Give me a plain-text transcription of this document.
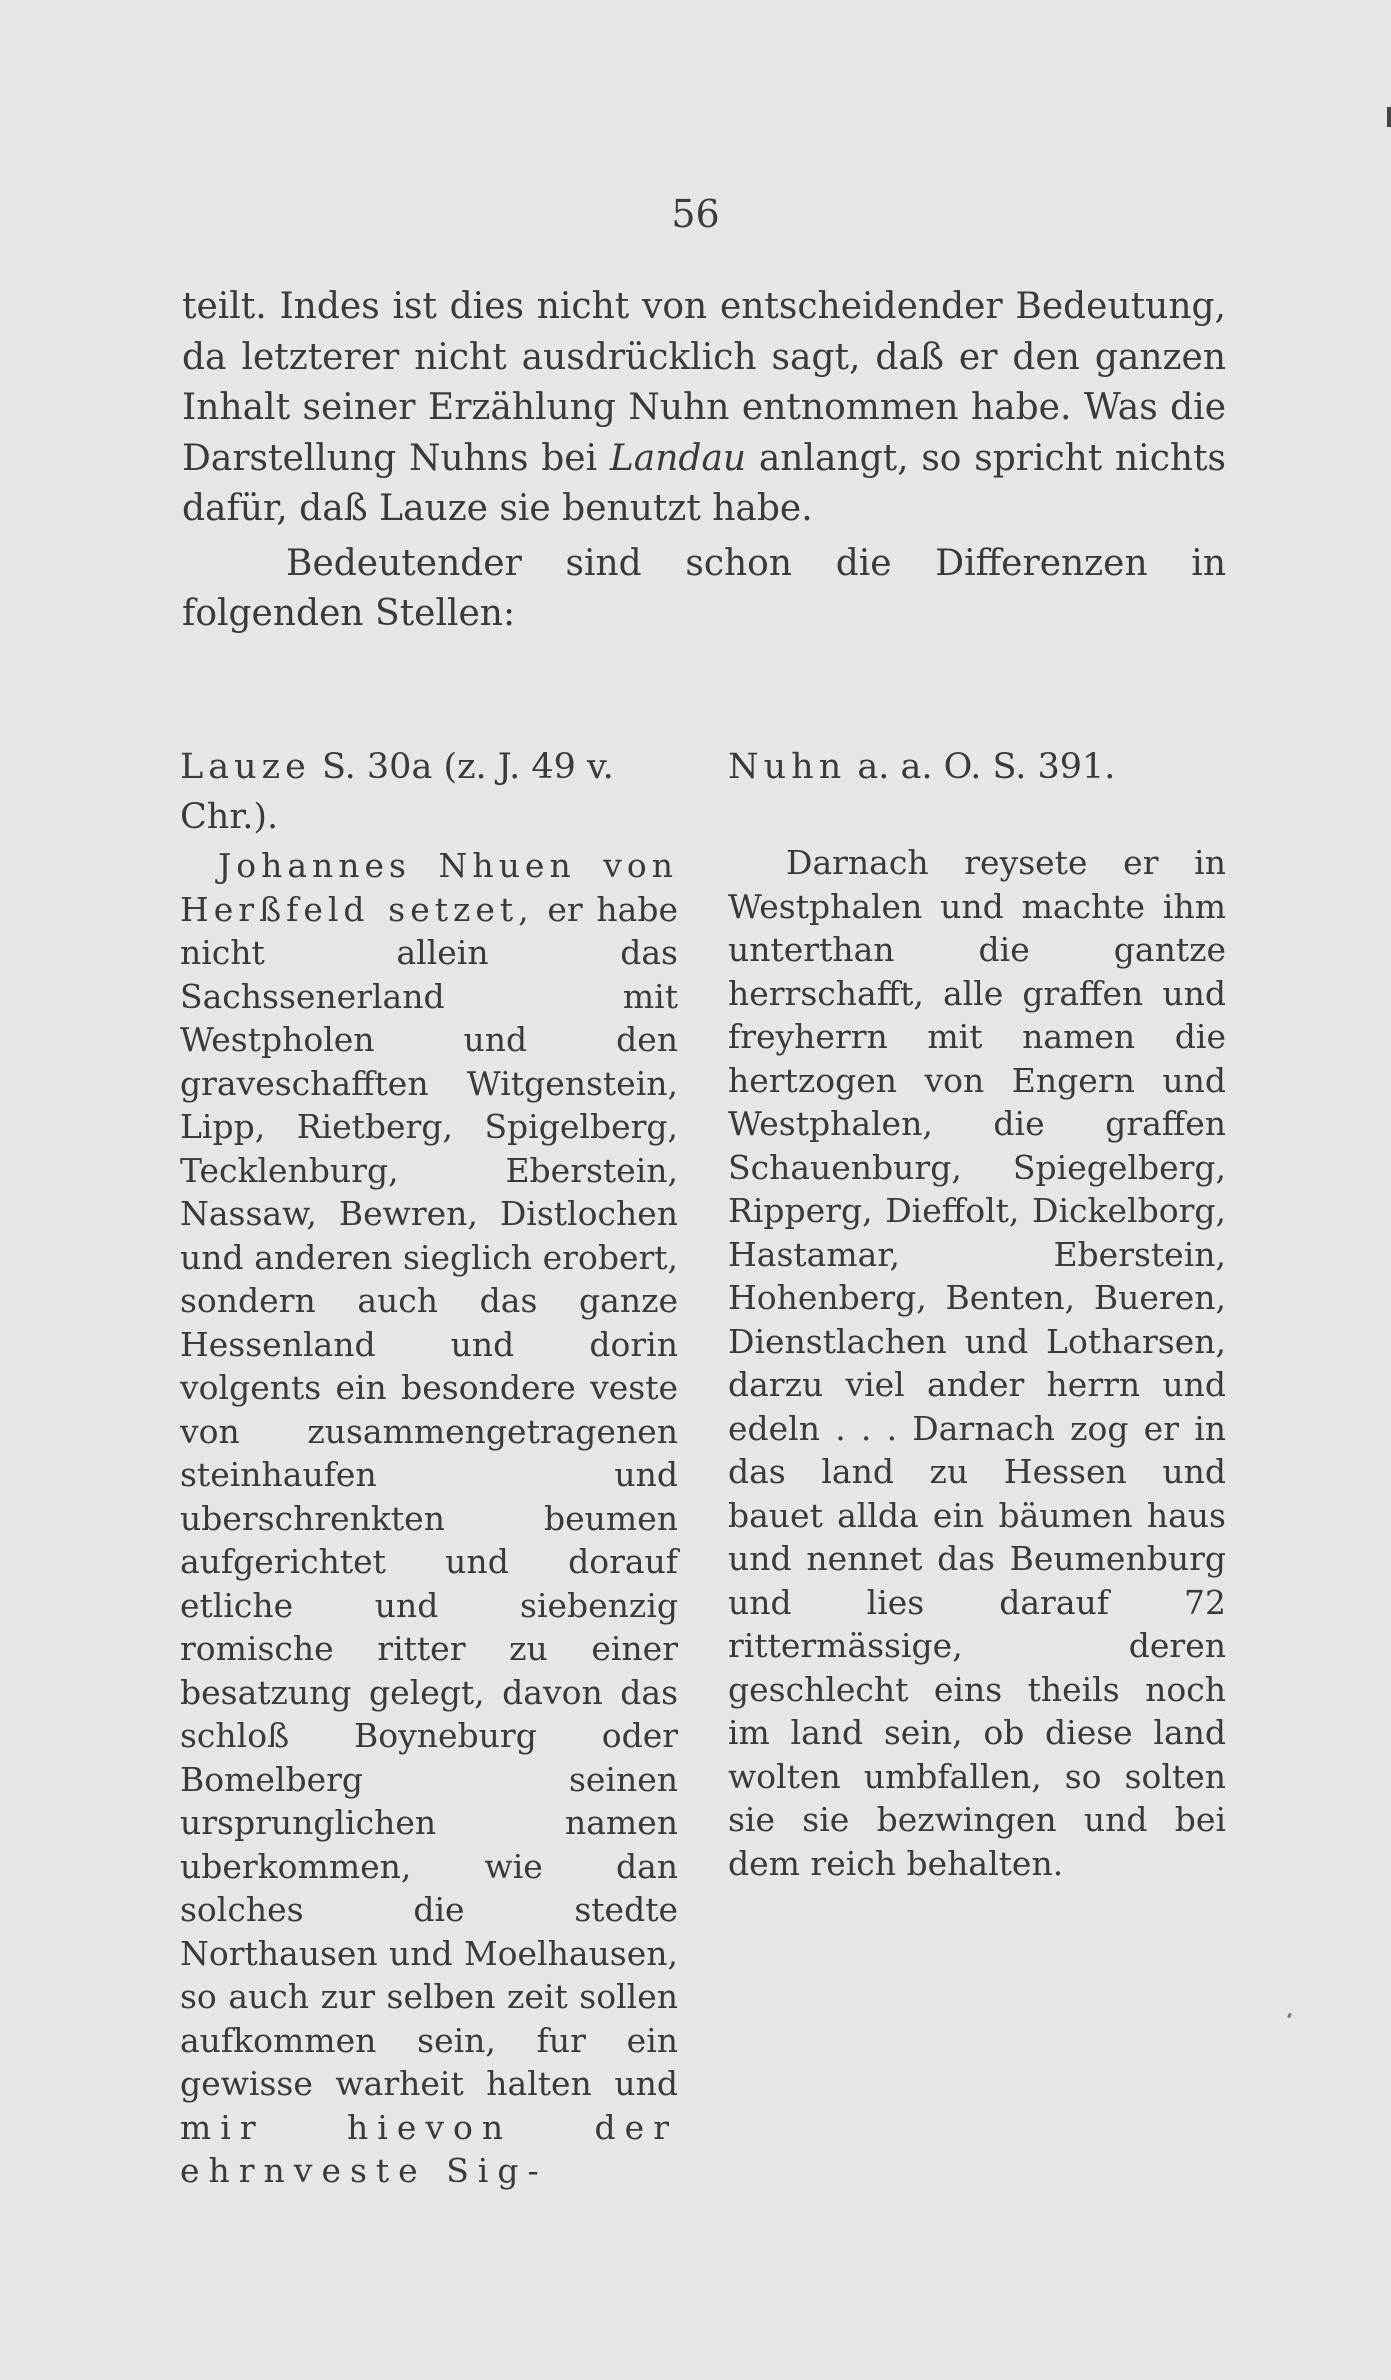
56

teilt. Indes ist dies nicht von entscheidender Bedeutung, da letzterer nicht ausdrücklich sagt, daß er den ganzen Inhalt seiner Erzählung Nuhn entnommen habe. Was die Darstellung Nuhns bei Landau anlangt, so spricht nichts dafür, daß Lauze sie benutzt habe.

Bedeutender sind schon die Differenzen in folgenden Stellen:

Lauze S. 30a (z. J. 49 v. Chr.).

Johannes Nhuen von Herßfeld setzet, er habe nicht allein das Sachssenerland mit Westpholen und den graveschafften Witgenstein, Lipp, Rietberg, Spigelberg, Tecklenburg, Eberstein, Nassaw, Bewren, Distlochen und anderen sieglich erobert, sondern auch das ganze Hessenland und dorin volgents ein besondere veste von zusammengetragenen steinhaufen und uberschrenkten beumen aufgerichtet und dorauf etliche und siebenzig romische ritter zu einer besatzung gelegt, davon das schloß Boyneburg oder Bomelberg seinen ursprunglichen namen uberkommen, wie dan solches die stedte Northausen und Moelhausen, so auch zur selben zeit sollen aufkommen sein, fur ein gewisse warheit halten und mir hievon der ehrnveste Sig-

Nuhn a. a. O. S. 391.

Darnach reysete er in Westphalen und machte ihm unterthan die gantze herrschafft, alle graffen und freyherrn mit namen die hertzogen von Engern und Westphalen, die graffen Schauenburg, Spiegelberg, Ripperg, Dieffolt, Dickelborg, Hastamar, Eberstein, Hohenberg, Benten, Bueren, Dienstlachen und Lotharsen, darzu viel ander herrn und edeln . . . Darnach zog er in das land zu Hessen und bauet allda ein bäumen haus und nennet das Beumenburg und lies darauf 72 rittermässige, deren geschlecht eins theils noch im land sein, ob diese land wolten umbfallen, so solten sie sie bezwingen und bei dem reich behalten.
